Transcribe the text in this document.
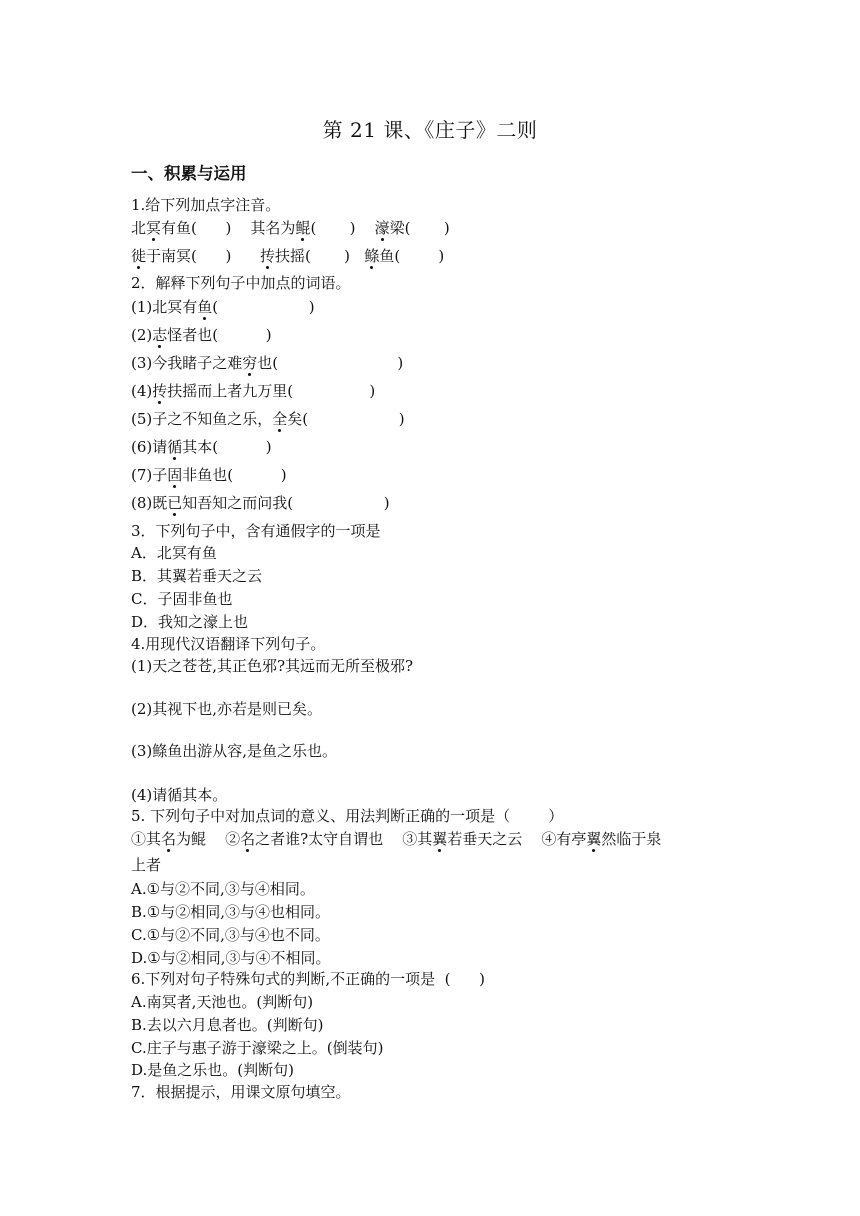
第 21 课、《庄子》二则
一、积累与运用
1.给下列加点字注音。
北冥有鱼(      )    其名为鲲(       )    濠梁(       )
徙于南冥(      )      抟扶摇(       )   鲦鱼(        )
2．解释下列句子中加点的词语。
(1)北冥有鱼(                   )
(2)志怪者也(          )
(3)今我睹子之难穷也(                         )
(4)抟扶摇而上者九万里(                )
(5)子之不知鱼之乐，全矣(                   )
(6)请循其本(          )
(7)子固非鱼也(          )
(8)既已知吾知之而问我(                   )
3．下列句子中，含有通假字的一项是
A．北冥有鱼
B．其翼若垂天之云
C．子固非鱼也
D．我知之濠上也
4.用现代汉语翻译下列句子。
(1)天之苍苍,其正色邪?其远而无所至极邪?
(2)其视下也,亦若是则已矣。
(3)鲦鱼出游从容,是鱼之乐也。
(4)请循其本。
5. 下列句子中对加点词的意义、用法判断正确的一项是（        ）
①其名为鲲    ②名之者谁?太守自谓也    ③其翼若垂天之云    ④有亭翼然临于泉
上者
A.①与②不同,③与④相同。
B.①与②相同,③与④也相同。
C.①与②不同,③与④也不同。
D.①与②相同,③与④不相同。
6.下列对句子特殊句式的判断,不正确的一项是  (      )
A.南冥者,天池也。(判断句)
B.去以六月息者也。(判断句)
C.庄子与惠子游于濠梁之上。(倒装句)
D.是鱼之乐也。(判断句)
7．根据提示，用课文原句填空。
